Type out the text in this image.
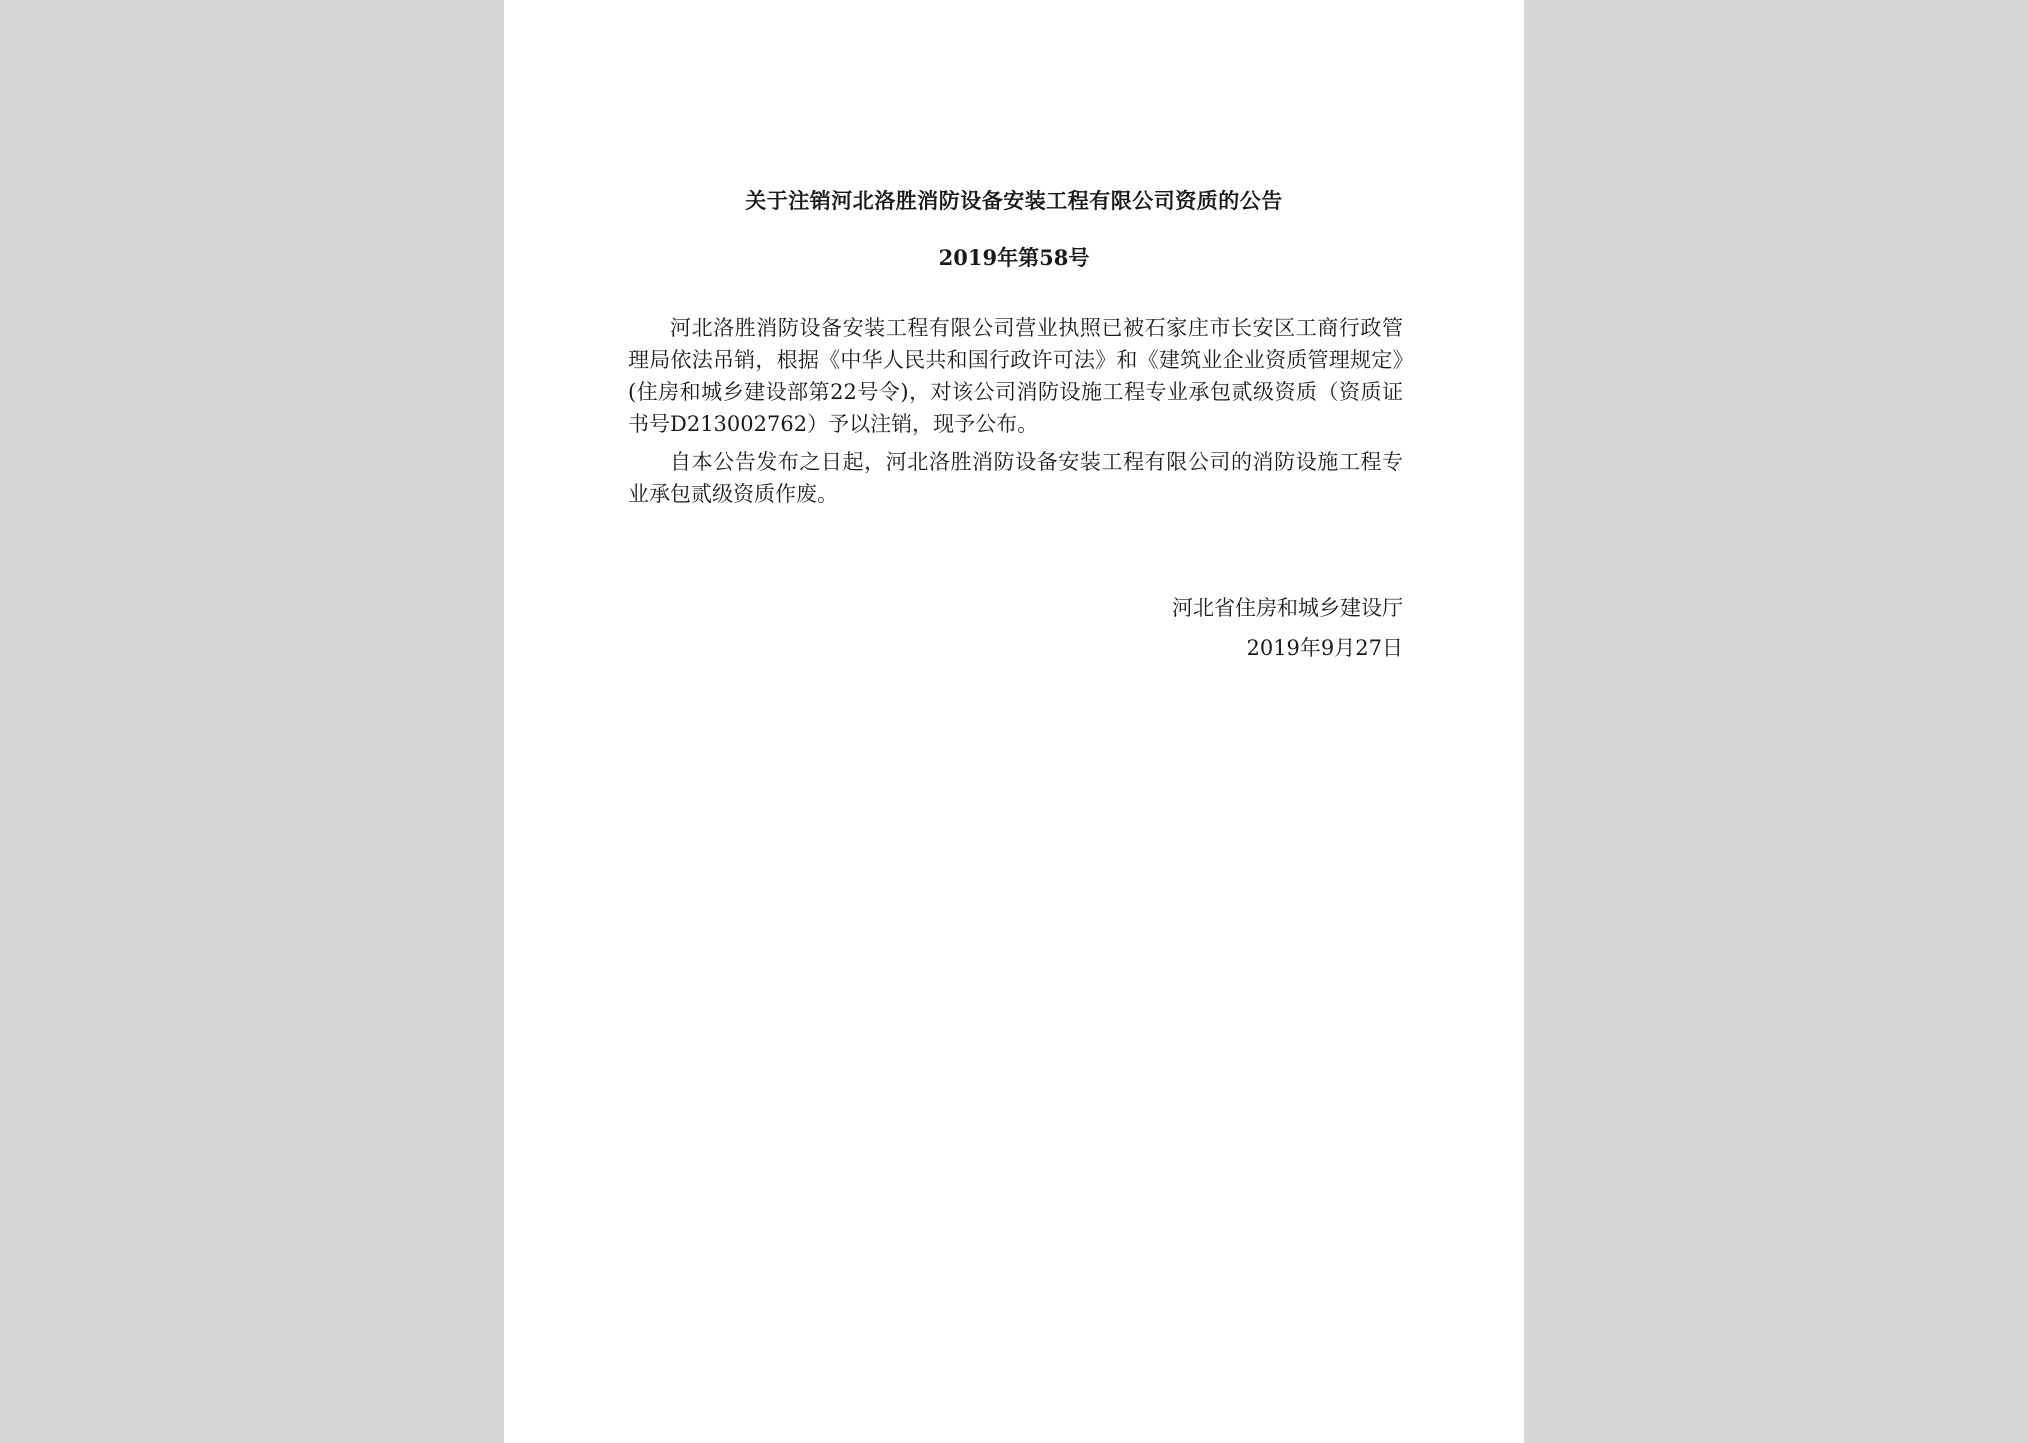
关于注销河北洛胜消防设备安装工程有限公司资质的公告
2019年第58号

河北洛胜消防设备安装工程有限公司营业执照已被石家庄市长安区工商行政管理局依法吊销，根据《中华人民共和国行政许可法》和《建筑业企业资质管理规定》(住房和城乡建设部第22号令)，对该公司消防设施工程专业承包贰级资质（资质证书号D213002762）予以注销，现予公布。

自本公告发布之日起，河北洛胜消防设备安装工程有限公司的消防设施工程专业承包贰级资质作废。

河北省住房和城乡建设厅
2019年9月27日
